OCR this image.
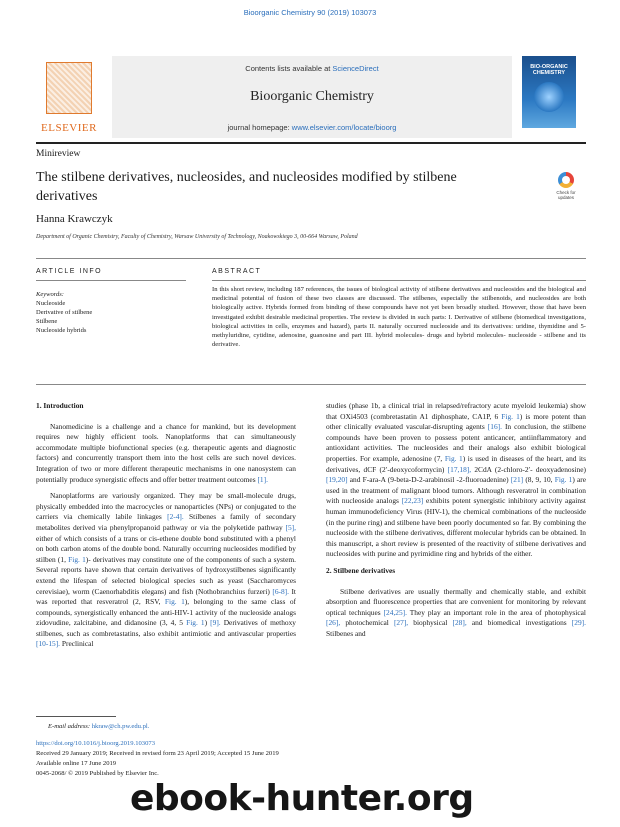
Bioorganic Chemistry 90 (2019) 103073
ELSEVIER
Contents lists available at ScienceDirect
Bioorganic Chemistry
journal homepage: www.elsevier.com/locate/bioorg
BIO-ORGANIC CHEMISTRY
Minireview
The stilbene derivatives, nucleosides, and nucleosides modified by stilbene derivatives	Check for updates
Hanna Krawczyk
Department of Organic Chemistry, Faculty of Chemistry, Warsaw University of Technology, Noakowskiego 3, 00-664 Warsaw, Poland
ARTICLE INFO	ABSTRACT
Keywords:
Nucleoside
Derivative of stilbene
Stilbene
Nucleoside hybrids
In this short review, including 187 references, the issues of biological activity of stilbene derivatives and nucleosides and the biological and medicinal potential of fusion of these two classes are discussed. The stilbenes, especially the stilbenoids, and nucleosides are both biologically active. Hybrids formed from binding of these compounds have not yet been broadly studied. However, those that have been investigated exhibit desirable medicinal properties. The review is divided in such parts: I. Derivative of stilbene (biomedical investigations, biological activities in cells, enzymes and hazard), parts II. naturally occurred nucleoside and its derivatives: uridine, thymidine and 5-methyluridine, cytidine, adenosine, guanosine and part III. hybrid molecules- drugs and hybrid molecules- nucleoside - stilbene and its derivative.
1. Introduction

Nanomedicine is a challenge and a chance for mankind, but its development requires new highly efficient tools. Nanoplatforms that can simultaneously accommodate multiple biofunctional species (e.g. therapeutic agents and diagnostic factors) and concurrently transport them into the host cells are such novel devices. Integration of two or more different therapeutic mechanisms in one nanosystem can potentially produce synergistic effects and offer better treatment outcomes [1].

Nanoplatforms are variously organized. They may be small-molecule drugs, physically embedded into the macrocycles or nanoparticles (NPs) or conjugated to the carriers via chemically labile linkages [2-4]. Stilbenes a family of secondary metabolites derived via phenylpropanoid pathway or via the polyketide pathway [5], either of which consists of a trans or cis-ethene double bond substituted with a phenyl on both carbon atoms of the double bond. Naturally occurring nucleosides modified by stilben (1, Fig. 1)- derivatives may constitute one of the components of such a system. Several reports have shown that certain derivatives of hydroxystilbenes significantly extend the lifespan of selected biological species such as yeast (Saccharomyces cerevisiae), worm (Caenorhabditis elegans) and fish (Nothobranchius furzeri) [6-8]. It was reported that resveratrol (2, RSV, Fig. 1), belonging to the same class of compounds, synergistically enhanced the anti-HIV-1 activity of the nucleoside analogs zidovudine, zalcitabine, and didanosine (3, 4, 5 Fig. 1) [9]. Derivatives of methoxy stilbenes, such as combretastatins, also exhibit antimiotic and antivascular properties [10-15]. Preclinical

studies (phase 1b, a clinical trial in relapsed/refractory acute myeloid leukemia) show that OXi4503 (combretastatin A1 diphosphate, CA1P, 6 Fig. 1) is more potent than other clinically evaluated vascular-disrupting agents [16]. In conclusion, the stilbene compounds have been proven to possess potent anticancer, antiinflammatory and antioxidant activities. The nucleosides and their analogs also exhibit biological properties. For example, adenosine (7, Fig. 1) is used in diseases of the heart, and its derivatives, dCF (2′-deoxycoformycin) [17,18], 2CdA (2-chloro-2′- deoxyadenosine) [19,20] and F-ara-A (9-beta-D-2-arabinosil -2-fluoroadenine) [21] (8, 9, 10, Fig. 1) are used in the treatment of malignant blood tumors. Although resveratrol in combination with nucleoside analogs [22,23] exhibits potent synergistic inhibitory activity against human immunodeficiency Virus (HIV-1), the chemical combinations of the nucleoside (in the purine ring) and stilbene have been poorly documented so far. By combining the nucleoside with the stilbene derivatives, different molecular hybrids can be obtained. In this manuscript, a short review is presented of the reactivity of stilbene derivatives and nucleosides with purine and pyrimidine ring and hybrids of the either.

2. Stilbene derivatives

Stilbene derivatives are usually thermally and chemically stable, and exhibit absorption and fluorescence properties that are convenient for monitoring by relevant optical techniques [24,25]. They play an important role in the area of photophysical [26], photochemical [27], biophysical [28], and biomedical investigations [29]. Stilbenes and

E-mail address: hkraw@ch.pw.edu.pl.
https://doi.org/10.1016/j.bioorg.2019.103073
Received 29 January 2019; Received in revised form 23 April 2019; Accepted 15 June 2019
Available online 17 June 2019
0045-2068/ © 2019 Published by Elsevier Inc.
ebook-hunter.org
